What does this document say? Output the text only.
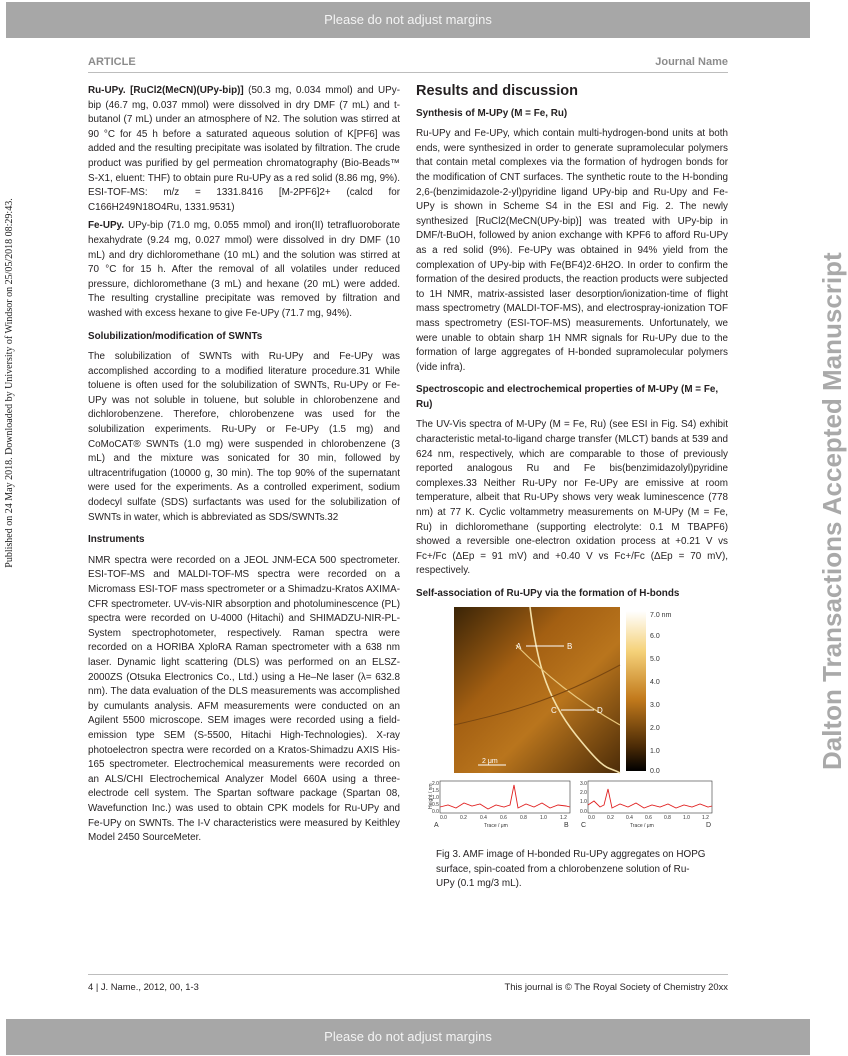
Please do not adjust margins
ARTICLE	Journal Name
Published on 24 May 2018. Downloaded by University of Windsor on 25/05/2018 08:29:43.	Dalton Transactions Accepted Manuscript

Ru-UPy. [RuCl2(MeCN)(UPy-bip)] (50.3 mg, 0.034 mmol) and UPy-bip (46.7 mg, 0.037 mmol) were dissolved in dry DMF (7 mL) and t-butanol (7 mL) under an atmosphere of N2. The solution was stirred at 90 °C for 45 h before a saturated aqueous solution of K[PF6] was added and the resulting precipitate was isolated by filtration. The crude product was purified by gel permeation chromatography (Bio-Beads™ S-X1, eluent: THF) to obtain pure Ru-UPy as a red solid (8.86 mg, 9%). ESI-TOF-MS: m/z = 1331.8416 [M-2PF6]2+ (calcd for C166H249N18O4Ru, 1331.9531)

Fe-UPy. UPy-bip (71.0 mg, 0.055 mmol) and iron(II) tetrafluoroborate hexahydrate (9.24 mg, 0.027 mmol) were dissolved in dry DMF (10 mL) and dry dichloromethane (10 mL) and the solution was stirred at 70 °C for 15 h. After the removal of all volatiles under reduced pressure, dichloromethane (3 mL) and hexane (20 mL) were added. The resulting crystalline precipitate was removed by filtration and washed with excess hexane to give Fe-UPy (71.7 mg, 94%).

Solubilization/modification of SWNTs

The solubilization of SWNTs with Ru-UPy and Fe-UPy was accomplished according to a modified literature procedure.31 While toluene is often used for the solubilization of SWNTs, Ru-UPy or Fe-UPy was not soluble in toluene, but soluble in chlorobenzene and dichlorobenzene. Therefore, chlorobenzene was used for the solubilization experiments. Ru-UPy or Fe-UPy (1.5 mg) and CoMoCAT® SWNTs (1.0 mg) were suspended in chlorobenzene (3 mL) and the mixture was sonicated for 30 min, followed by ultracentrifugation (10000 g, 30 min). The top 90% of the supernatant were used for the experiments. As a controlled experiment, sodium dodecyl sulfate (SDS) surfactants was used for the solubilization of SWNTs in water, which is abbreviated as SDS/SWNTs.32

Instruments

NMR spectra were recorded on a JEOL JNM-ECA 500 spectrometer. ESI-TOF-MS and MALDI-TOF-MS spectra were recorded on a Micromass ESI-TOF mass spectrometer or a Shimadzu-Kratos AXIMA-CFR spectrometer. UV-vis-NIR absorption and photoluminescence (PL) spectra were recorded on U-4000 (Hitachi) and SHIMADZU-NIR-PL-System spectrophotometer, respectively. Raman spectra were recorded on a HORIBA XploRA Raman spectrometer with a 638 nm laser. Dynamic light scattering (DLS) was performed on an ELSZ-2000ZS (Otsuka Electronics Co., Ltd.) using a He–Ne laser (λ= 632.8 nm). The data evaluation of the DLS measurements was accomplished by cumulants analysis. AFM measurements were conducted on an Agilent 5500 microscope. SEM images were recorded using a field-emission type SEM (S-5500, Hitachi High-Technologies). X-ray photoelectron spectra were recorded on a Kratos-Shimadzu AXIS His-165 spectrometer. Electrochemical measurements were recorded on an ALS/CHI Electrochemical Analyzer Model 660A using a three-electrode cell system. The Spartan software package (Spartan 08, Wavefunction Inc.) was used to obtain CPK models for Ru-UPy and Fe-UPy on SWNTs. The I-V characteristics were measured by Keithley Model 2450 SourceMeter.

Results and discussion
Synthesis of M-UPy (M = Fe, Ru)

Ru-UPy and Fe-UPy, which contain multi-hydrogen-bond units at both ends, were synthesized in order to generate supramolecular polymers that contain metal complexes via the formation of hydrogen bonds for the modification of CNT surfaces. The synthetic route to the H-bonding 2,6-(benzimidazole-2-yl)pyridine ligand UPy-bip and Ru-Upy and Fe-UPy is shown in Scheme S4 in the ESI and Fig. 2. The newly synthesized [RuCl2(MeCN(UPy-bip)] was treated with UPy-bip in DMF/t-BuOH, followed by anion exchange with KPF6 to afford Ru-UPy as a red solid (9%). Fe-UPy was obtained in 94% yield from the complexation of UPy-bip with Fe(BF4)2·6H2O. In order to confirm the formation of the desired products, the reaction products were subjected to 1H NMR, matrix-assisted laser desorption/ionization-time of flight mass spectrometry (MALDI-TOF-MS), and electrospray-ionization TOF mass spectrometry (ESI-TOF-MS) measurements. Unfortunately, we were unable to obtain sharp 1H NMR signals for Ru-UPy due to the formation of large aggregates of H-bonded supramolecular polymers (vide infra).

Spectroscopic and electrochemical properties of M-UPy (M = Fe, Ru)

The UV-Vis spectra of M-UPy (M = Fe, Ru) (see ESI in Fig. S4) exhibit characteristic metal-to-ligand charge transfer (MLCT) bands at 539 and 624 nm, respectively, which are comparable to those of previously reported analogous Ru and Fe bis(benzimidazolyl)pyridine complexes.33 Neither Ru-UPy nor Fe-UPy are emissive at room temperature, albeit that Ru-UPy shows very weak luminescence (778 nm) at 77 K. Cyclic voltammetry measurements on M-UPy (M = Fe, Ru) in dichloromethane (supporting electrolyte: 0.1 M TBAPF6) showed a reversible one-electron oxidation process at +0.21 V vs Fc+/Fc (ΔEp = 91 mV) and +0.40 V vs Fc+/Fc (ΔEp = 70 mV), respectively.

Self-association of Ru-UPy via the formation of H-bonds
A	B
C	D
2 μm
7.0 nm
6.0
5.0
4.0
3.0
2.0
1.0
0.0
Height / nm
2.0
1.5
1.0
0.5
0.0
0.0	0.2	0.4	0.6	0.8	1.0	1.2
Trace / μm
A	B
3.0
2.0
1.0
0.0
0.0 0.2 0.4 0.6 0.8 1.0 1.2
Trace / μm
C	D
Fig 3. AMF image of H-bonded Ru-UPy aggregates on HOPG surface, spin-coated from a chlorobenzene solution of Ru-UPy (0.1 mg/3 mL).
4 | J. Name., 2012, 00, 1-3	This journal is © The Royal Society of Chemistry 20xx
Please do not adjust margins
